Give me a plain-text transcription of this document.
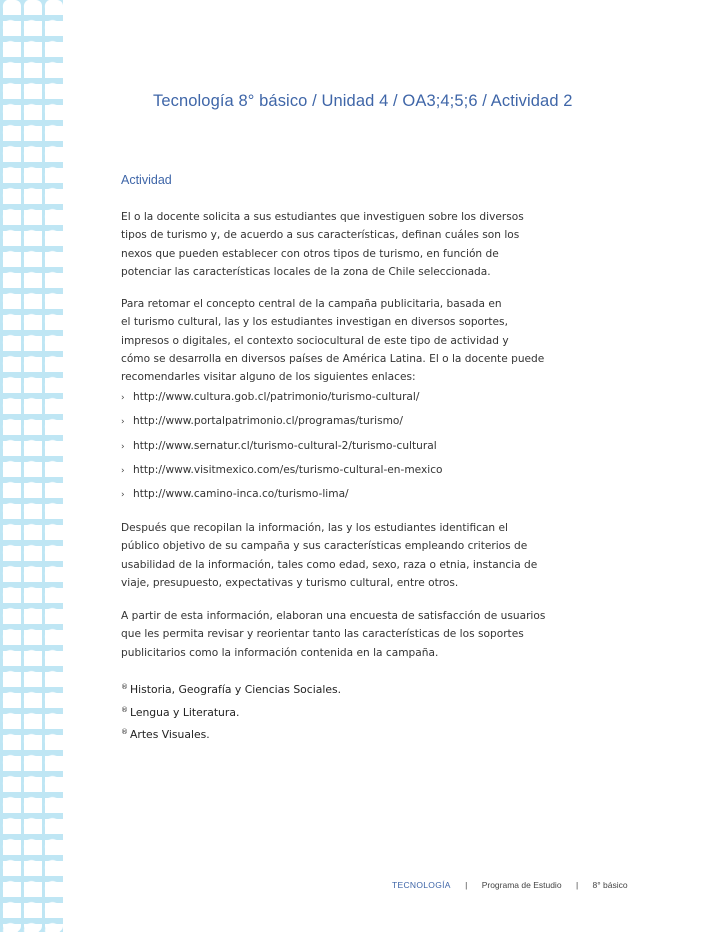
Tecnología 8° básico / Unidad 4 / OA3;4;5;6 / Actividad 2
Actividad
El o la docente solicita a sus estudiantes que investiguen sobre los diversos
tipos de turismo y, de acuerdo a sus características, definan cuáles son los
nexos que pueden establecer con otros tipos de turismo, en función de
potenciar las características locales de la zona de Chile seleccionada.
Para retomar el concepto central de la campaña publicitaria, basada en
el turismo cultural, las y los estudiantes investigan en diversos soportes,
impresos o digitales, el contexto sociocultural de este tipo de actividad y
cómo se desarrolla en diversos países de América Latina. El o la docente puede
recomendarles visitar alguno de los siguientes enlaces:
› http://www.cultura.gob.cl/patrimonio/turismo-cultural/
› http://www.portalpatrimonio.cl/programas/turismo/
› http://www.sernatur.cl/turismo-cultural-2/turismo-cultural
› http://www.visitmexico.com/es/turismo-cultural-en-mexico
› http://www.camino-inca.co/turismo-lima/
Después que recopilan la información, las y los estudiantes identifican el
público objetivo de su campaña y sus características empleando criterios de
usabilidad de la información, tales como edad, sexo, raza o etnia, instancia de
viaje, presupuesto, expectativas y turismo cultural, entre otros.
A partir de esta información, elaboran una encuesta de satisfacción de usuarios
que les permita revisar y reorientar tanto las características de los soportes
publicitarios como la información contenida en la campaña.
® Historia, Geografía y Ciencias Sociales.
® Lengua y Literatura.
® Artes Visuales.
TECNOLOGÍA | Programa de Estudio | 8° básico
